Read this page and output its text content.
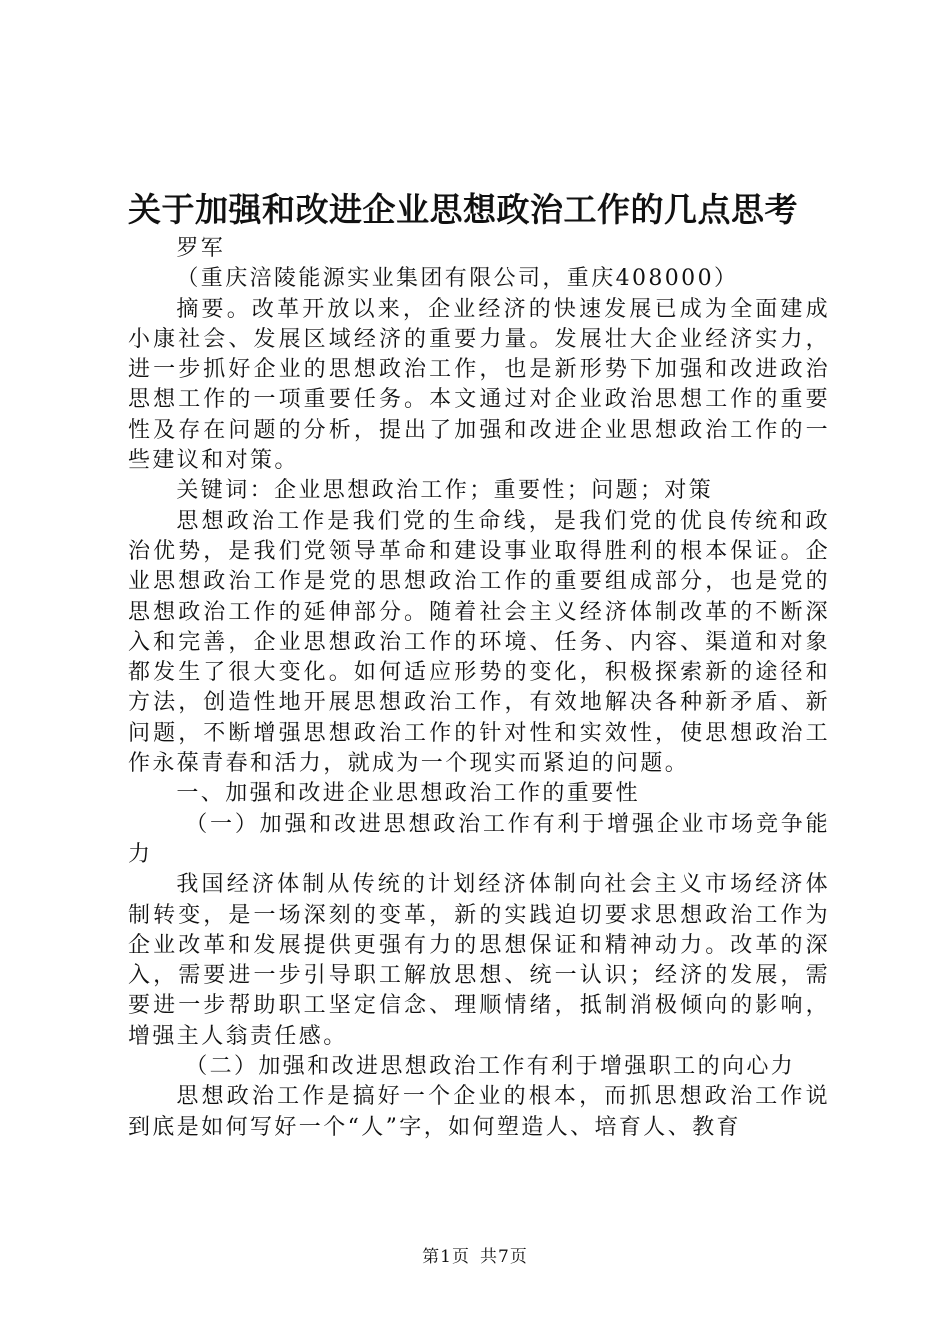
关于加强和改进企业思想政治工作的几点思考

罗军

（重庆涪陵能源实业集团有限公司，重庆408000）

摘要。改革开放以来，企业经济的快速发展已成为全面建成小康社会、发展区域经济的重要力量。发展壮大企业经济实力，进一步抓好企业的思想政治工作，也是新形势下加强和改进政治思想工作的一项重要任务。本文通过对企业政治思想工作的重要性及存在问题的分析，提出了加强和改进企业思想政治工作的一些建议和对策。

关键词：企业思想政治工作；重要性；问题；对策

思想政治工作是我们党的生命线，是我们党的优良传统和政治优势，是我们党领导革命和建设事业取得胜利的根本保证。企业思想政治工作是党的思想政治工作的重要组成部分，也是党的思想政治工作的延伸部分。随着社会主义经济体制改革的不断深入和完善，企业思想政治工作的环境、任务、内容、渠道和对象都发生了很大变化。如何适应形势的变化，积极探索新的途径和方法，创造性地开展思想政治工作，有效地解决各种新矛盾、新问题，不断增强思想政治工作的针对性和实效性，使思想政治工作永葆青春和活力，就成为一个现实而紧迫的问题。

一、加强和改进企业思想政治工作的重要性

（一）加强和改进思想政治工作有利于增强企业市场竞争能力

我国经济体制从传统的计划经济体制向社会主义市场经济体制转变，是一场深刻的变革，新的实践迫切要求思想政治工作为企业改革和发展提供更强有力的思想保证和精神动力。改革的深入，需要进一步引导职工解放思想、统一认识；经济的发展，需要进一步帮助职工坚定信念、理顺情绪，抵制消极倾向的影响，增强主人翁责任感。

（二）加强和改进思想政治工作有利于增强职工的向心力

思想政治工作是搞好一个企业的根本，而抓思想政治工作说到底是如何写好一个“人”字，如何塑造人、培育人、教育

第1页 共7页
